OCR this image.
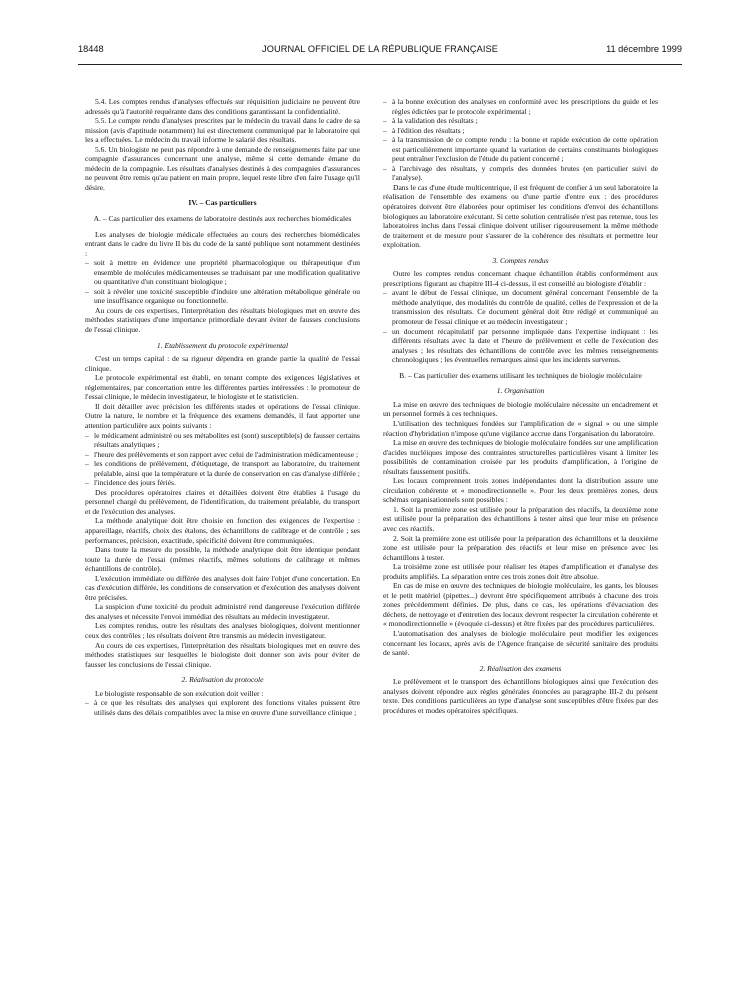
18448	JOURNAL OFFICIEL DE LA RÉPUBLIQUE FRANÇAISE	11 décembre 1999

5.4. Les comptes rendus d'analyses effectués sur réquisition judiciaire ne peuvent être adressés qu'à l'autorité requérante dans des conditions garantissant la confidentialité.

5.5. Le compte rendu d'analyses prescrites par le médecin du travail dans le cadre de sa mission (avis d'aptitude notamment) lui est directement communiqué par le laboratoire qui les a effectuées. Le médecin du travail informe le salarié des résultats.

5.6. Un biologiste ne peut pas répondre à une demande de renseignements faite par une compagnie d'assurances concernant une analyse, même si cette demande émane du médecin de la compagnie. Les résultats d'analyses destinés à des compagnies d'assurances ne peuvent être remis qu'au patient en main propre, lequel reste libre d'en faire l'usage qu'il désire.

IV. – Cas particuliers

A. – Cas particulier des examens de laboratoire destinés aux recherches biomédicales

Les analyses de biologie médicale effectuées au cours des recherches biomédicales entrant dans le cadre du livre II bis du code de la santé publique sont notamment destinées :

– soit à mettre en évidence une propriété pharmacologique ou thérapeutique d'un ensemble de molécules médicamenteuses se traduisant par une modification qualitative ou quantitative d'un constituant biologique ;

– soit à révéler une toxicité susceptible d'induire une altération métabolique générale ou une insuffisance organique ou fonctionnelle.

Au cours de ces expertises, l'interprétation des résultats biologiques met en œuvre des méthodes statistiques d'une importance primordiale devant éviter de fausses conclusions de l'essai clinique.

1. Etablissement du protocole expérimental

C'est un temps capital : de sa rigueur dépendra en grande partie la qualité de l'essai clinique.

Le protocole expérimental est établi, en tenant compte des exigences législatives et réglementaires, par concertation entre les différentes parties intéressées : le promoteur de l'essai clinique, le médecin investigateur, le biologiste et le statisticien.

Il doit détailler avec précision les différents stades et opérations de l'essai clinique. Outre la nature, le nombre et la fréquence des examens demandés, il faut apporter une attention particulière aux points suivants :

– le médicament administré ou ses métabolites est (sont) susceptible(s) de fausser certains résultats analytiques ;

– l'heure des prélèvements et son rapport avec celui de l'administration médicamenteuse ;

– les conditions de prélèvement, d'étiquetage, de transport au laboratoire, du traitement préalable, ainsi que la température et la durée de conservation en cas d'analyse différée ;

– l'incidence des jours fériés.

Des procédures opératoires claires et détaillées doivent être établies à l'usage du personnel chargé du prélèvement, de l'identification, du traitement préalable, du transport et de l'exécution des analyses.

La méthode analytique doit être choisie en fonction des exigences de l'expertise : appareillage, réactifs, choix des étalons, des échantillons de calibrage et de contrôle ; ses performances, précision, exactitude, spécificité doivent être communiquées.

Dans toute la mesure du possible, la méthode analytique doit être identique pendant toute la durée de l'essai (mêmes réactifs, mêmes solutions de calibrage et mêmes échantillons de contrôle).

L'exécution immédiate ou différée des analyses doit faire l'objet d'une concertation. En cas d'exécution différée, les conditions de conservation et d'exécution des analyses doivent être précisées.

La suspicion d'une toxicité du produit administré rend dangereuse l'exécution différée des analyses et nécessite l'envoi immédiat des résultats au médecin investigateur.

Les comptes rendus, outre les résultats des analyses biologiques, doivent mentionner ceux des contrôles ; les résultats doivent être transmis au médecin investigateur.

Au cours de ces expertises, l'interprétation des résultats biologiques met en œuvre des méthodes statistiques sur lesquelles le biologiste doit donner son avis pour éviter de fausser les conclusions de l'essai clinique.

2. Réalisation du protocole

Le biologiste responsable de son exécution doit veiller :

– à ce que les résultats des analyses qui explorent des fonctions vitales puissent être utilisés dans des délais compatibles avec la mise en œuvre d'une surveillance clinique ;

– à la bonne exécution des analyses en conformité avec les prescriptions du guide et les règles édictées par le protocole expérimental ;

– à la validation des résultats ;

– à l'édition des résultats ;

– à la transmission de ce compte rendu : la bonne et rapide exécution de cette opération est particulièrement importante quand la variation de certains constituants biologiques peut entraîner l'exclusion de l'étude du patient concerné ;

– à l'archivage des résultats, y compris des données brutes (en particulier suivi de l'analyse).

Dans le cas d'une étude multicentrique, il est fréquent de confier à un seul laboratoire la réalisation de l'ensemble des examens ou d'une partie d'entre eux : des procédures opératoires doivent être élaborées pour optimiser les conditions d'envoi des échantillons biologiques au laboratoire exécutant. Si cette solution centralisée n'est pas retenue, tous les laboratoires inclus dans l'essai clinique doivent utiliser rigoureusement la même méthode de traitement et de mesure pour s'assurer de la cohérence des résultats et permettre leur exploitation.

3. Comptes rendus

Outre les comptes rendus concernant chaque échantillon établis conformément aux prescriptions figurant au chapitre III-4 ci-dessus, il est conseillé au biologiste d'établir :

– avant le début de l'essai clinique, un document général concernant l'ensemble de la méthode analytique, des modalités du contrôle de qualité, celles de l'expression et de la transmission des résultats. Ce document général doit être rédigé et communiqué au promoteur de l'essai clinique et au médecin investigateur ;

– un document récapitulatif par personne impliquée dans l'expertise indiquant : les différents résultats avec la date et l'heure de prélèvement et celle de l'exécution des analyses ; les résultats des échantillons de contrôle avec les mêmes renseignements chronologiques ; les éventuelles remarques ainsi que les incidents survenus.

B. – Cas particulier des examens utilisant les techniques de biologie moléculaire

1. Organisation

La mise en œuvre des techniques de biologie moléculaire nécessite un encadrement et un personnel formés à ces techniques.

L'utilisation des techniques fondées sur l'amplification de « signal » ou une simple réaction d'hybridation n'impose qu'une vigilance accrue dans l'organisation du laboratoire.

La mise en œuvre des techniques de biologie moléculaire fondées sur une amplification d'acides nucléiques impose des contraintes structurelles particulières visant à limiter les possibilités de contamination croisée par les produits d'amplification, à l'origine de résultats faussement positifs.

Les locaux comprennent trois zones indépendantes dont la distribution assure une circulation cohérente et « monodirectionnelle ». Pour les deux premières zones, deux schémas organisationnels sont possibles :

1. Soit la première zone est utilisée pour la préparation des réactifs, la deuxième zone est utilisée pour la préparation des échantillons à tester ainsi que leur mise en présence avec ces réactifs.

2. Soit la première zone est utilisée pour la préparation des échantillons et la deuxième zone est utilisée pour la préparation des réactifs et leur mise en présence avec les échantillons à tester.

La troisième zone est utilisée pour réaliser les étapes d'amplification et d'analyse des produits amplifiés. La séparation entre ces trois zones doit être absolue.

En cas de mise en œuvre des techniques de biologie moléculaire, les gants, les blouses et le petit matériel (pipettes...) devront être spécifiquement attribués à chacune des trois zones précédemment définies. De plus, dans ce cas, les opérations d'évacuation des déchets, de nettoyage et d'entretien des locaux devront respecter la circulation cohérente et « monodirectionnelle » (évoquée ci-dessus) et être fixées par des procédures particulières.

L'automatisation des analyses de biologie moléculaire peut modifier les exigences concernant les locaux, après avis de l'Agence française de sécurité sanitaire des produits de santé.

2. Réalisation des examens

Le prélèvement et le transport des échantillons biologiques ainsi que l'exécution des analyses doivent répondre aux règles générales énoncées au paragraphe III-2 du présent texte. Des conditions particulières au type d'analyse sont susceptibles d'être fixées par des procédures et modes opératoires spécifiques.
